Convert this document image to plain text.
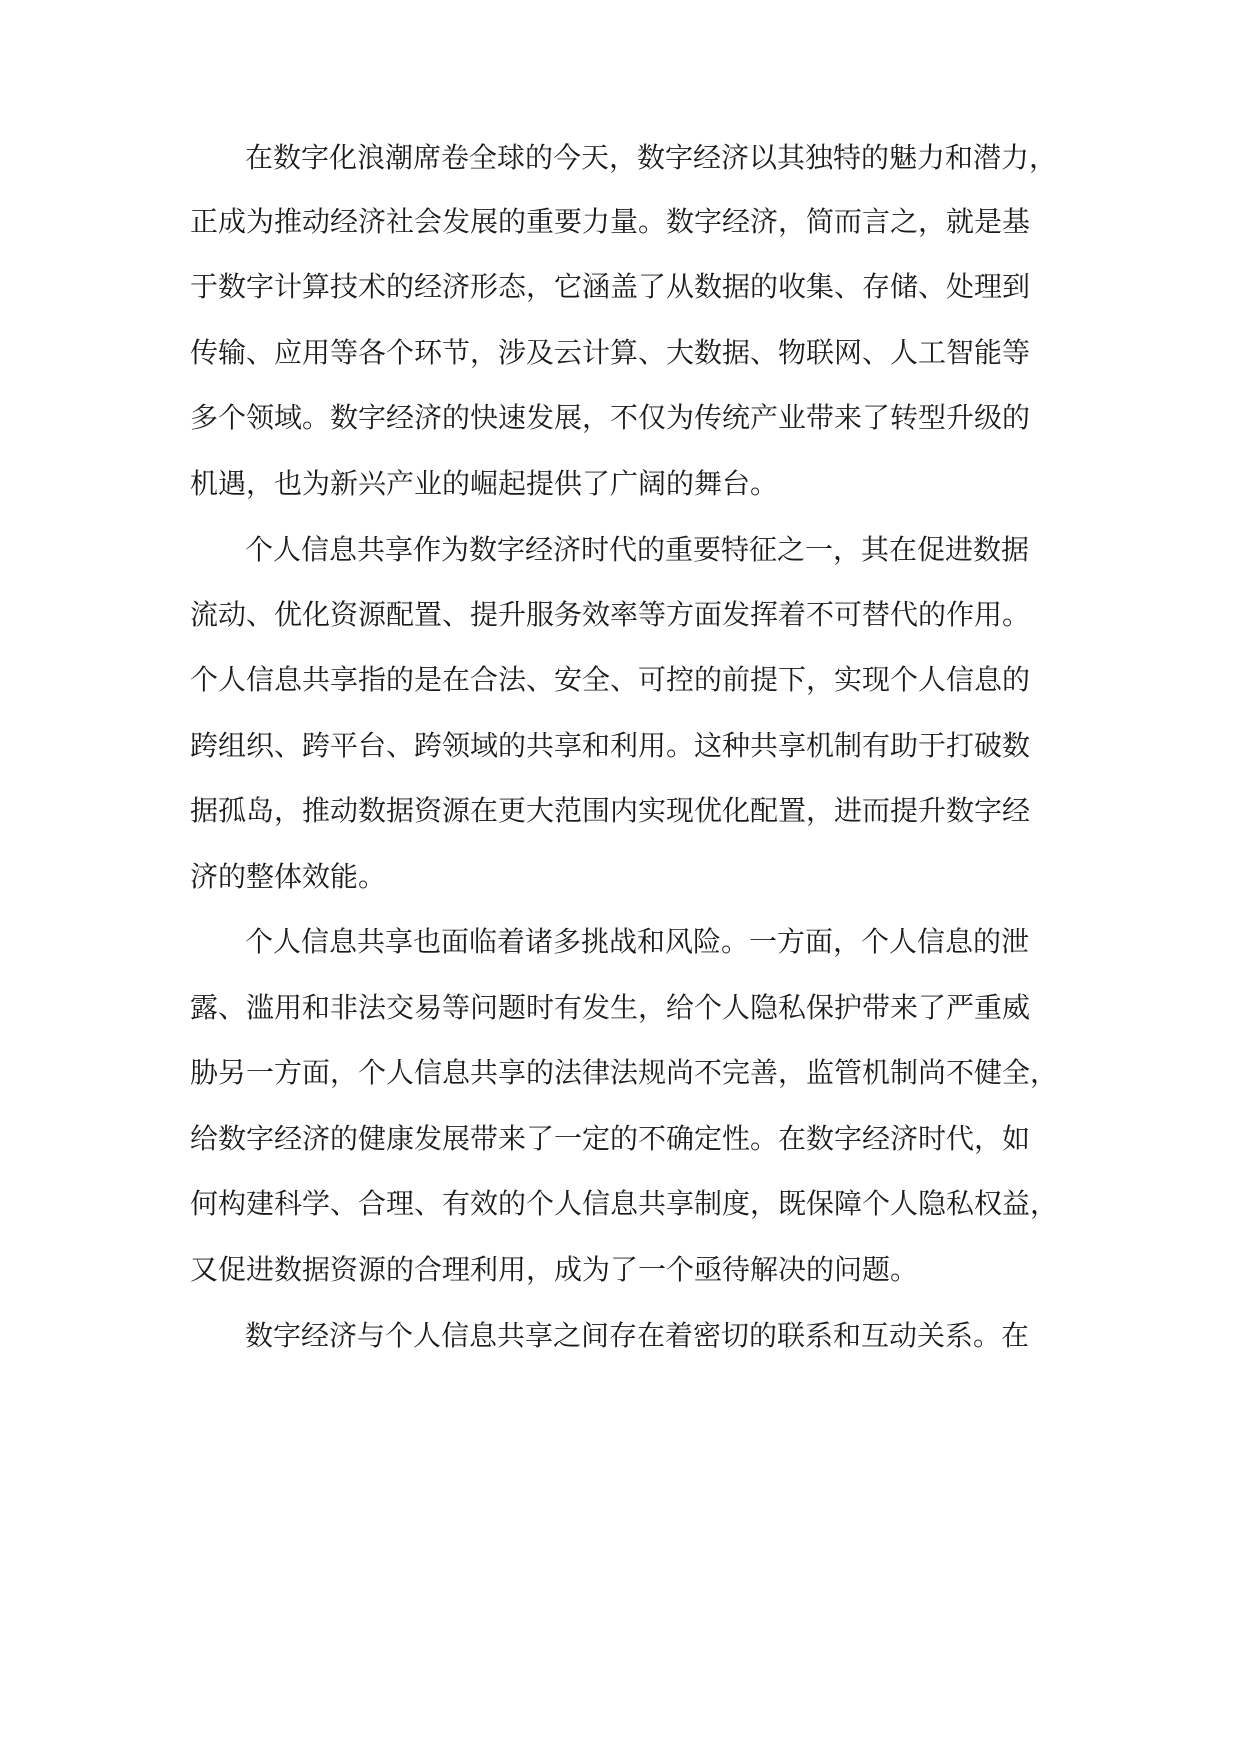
在数字化浪潮席卷全球的今天，数字经济以其独特的魅力和潜力，
正成为推动经济社会发展的重要力量。数字经济，简而言之，就是基
于数字计算技术的经济形态，它涵盖了从数据的收集、存储、处理到
传输、应用等各个环节，涉及云计算、大数据、物联网、人工智能等
多个领域。数字经济的快速发展，不仅为传统产业带来了转型升级的
机遇，也为新兴产业的崛起提供了广阔的舞台。
个人信息共享作为数字经济时代的重要特征之一，其在促进数据
流动、优化资源配置、提升服务效率等方面发挥着不可替代的作用。
个人信息共享指的是在合法、安全、可控的前提下，实现个人信息的
跨组织、跨平台、跨领域的共享和利用。这种共享机制有助于打破数
据孤岛，推动数据资源在更大范围内实现优化配置，进而提升数字经
济的整体效能。
个人信息共享也面临着诸多挑战和风险。一方面，个人信息的泄
露、滥用和非法交易等问题时有发生，给个人隐私保护带来了严重威
胁另一方面，个人信息共享的法律法规尚不完善，监管机制尚不健全，
给数字经济的健康发展带来了一定的不确定性。在数字经济时代，如
何构建科学、合理、有效的个人信息共享制度，既保障个人隐私权益，
又促进数据资源的合理利用，成为了一个亟待解决的问题。
数字经济与个人信息共享之间存在着密切的联系和互动关系。在
